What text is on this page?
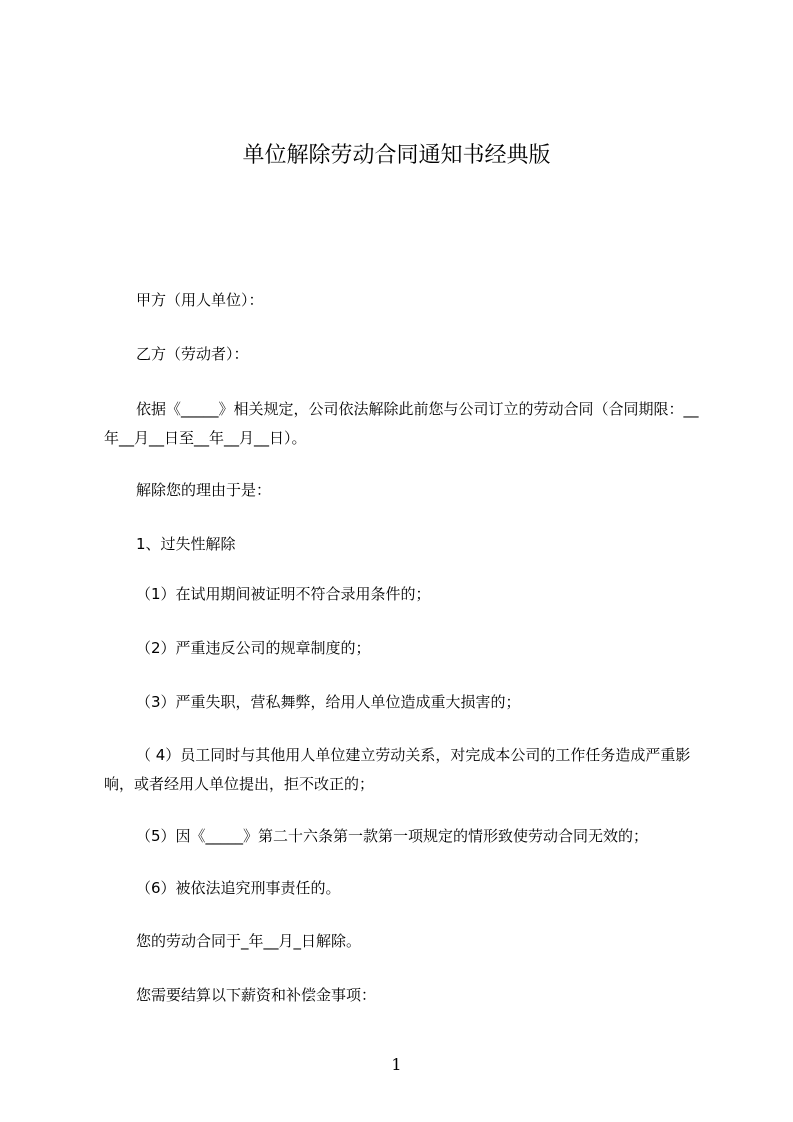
单位解除劳动合同通知书经典版

甲方（用人单位）：

乙方（劳动者）：

依据《_____》相关规定，公司依法解除此前您与公司订立的劳动合同（合同期限：__年__月__日至__年__月__日）。

解除您的理由于是：

1、过失性解除

（1）在试用期间被证明不符合录用条件的；

（2）严重违反公司的规章制度的；

（3）严重失职，营私舞弊，给用人单位造成重大损害的；

（ 4）员工同时与其他用人单位建立劳动关系，对完成本公司的工作任务造成严重影响，或者经用人单位提出，拒不改正的；

（5）因《_____》第二十六条第一款第一项规定的情形致使劳动合同无效的；

（6）被依法追究刑事责任的。

您的劳动合同于_年__月_日解除。

您需要结算以下薪资和补偿金事项：

1
